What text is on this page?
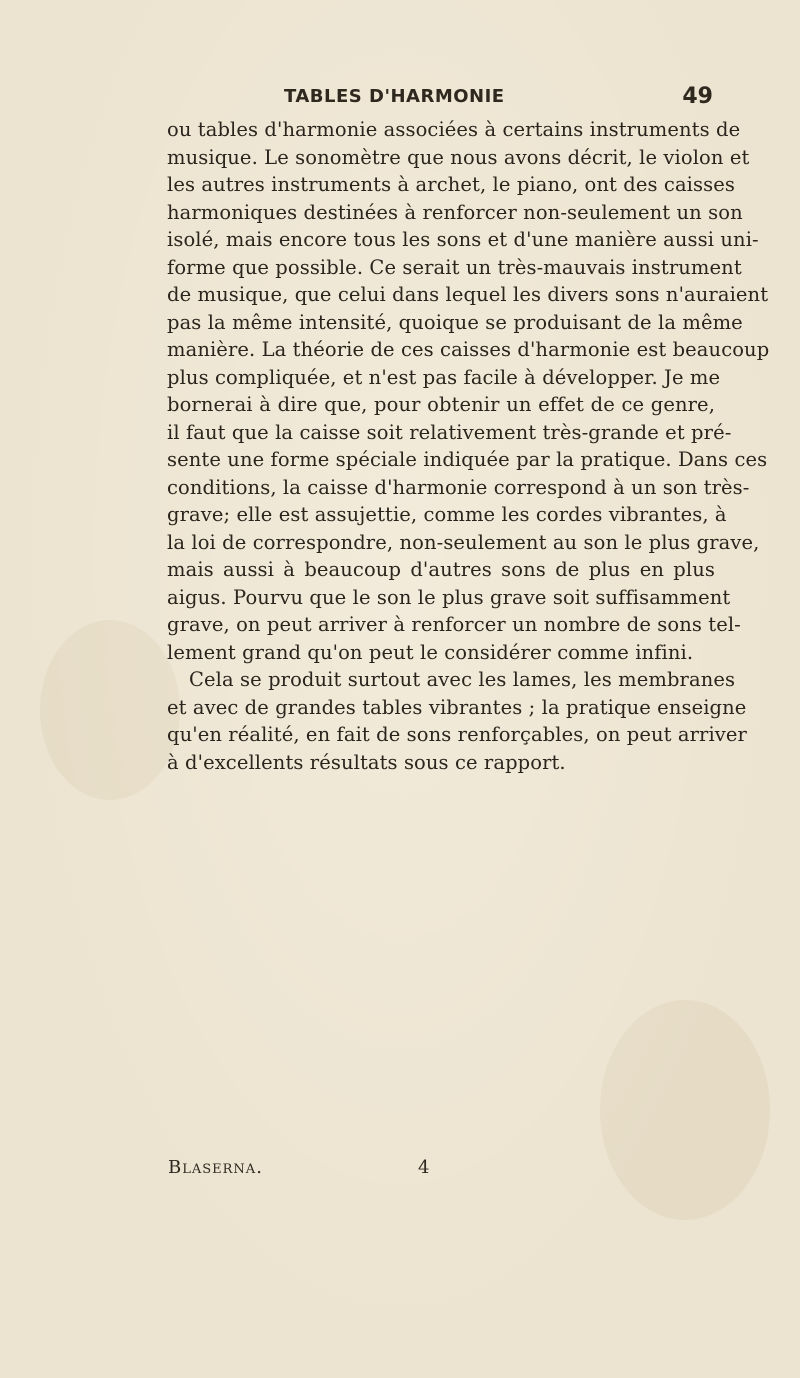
TABLES D'HARMONIE	49
ou tables d'harmonie associées à certains instruments de
musique. Le sonomètre que nous avons décrit, le violon et
les autres instruments à archet, le piano, ont des caisses
harmoniques destinées à renforcer non-seulement un son
isolé, mais encore tous les sons et d'une manière aussi uni-
forme que possible. Ce serait un très-mauvais instrument
de musique, que celui dans lequel les divers sons n'auraient
pas la même intensité, quoique se produisant de la même
manière. La théorie de ces caisses d'harmonie est beaucoup
plus compliquée, et n'est pas facile à développer. Je me
bornerai à dire que, pour obtenir un effet de ce genre,
il faut que la caisse soit relativement très-grande et pré-
sente une forme spéciale indiquée par la pratique. Dans ces
conditions, la caisse d'harmonie correspond à un son très-
grave; elle est assujettie, comme les cordes vibrantes, à
la loi de correspondre, non-seulement au son le plus grave,
mais aussi à beaucoup d'autres sons de plus en plus
aigus. Pourvu que le son le plus grave soit suffisamment
grave, on peut arriver à renforcer un nombre de sons tel-
lement grand qu'on peut le considérer comme infini.
Cela se produit surtout avec les lames, les membranes
et avec de grandes tables vibrantes ; la pratique enseigne
qu'en réalité, en fait de sons renforçables, on peut arriver
à d'excellents résultats sous ce rapport.
Blaserna.	4
